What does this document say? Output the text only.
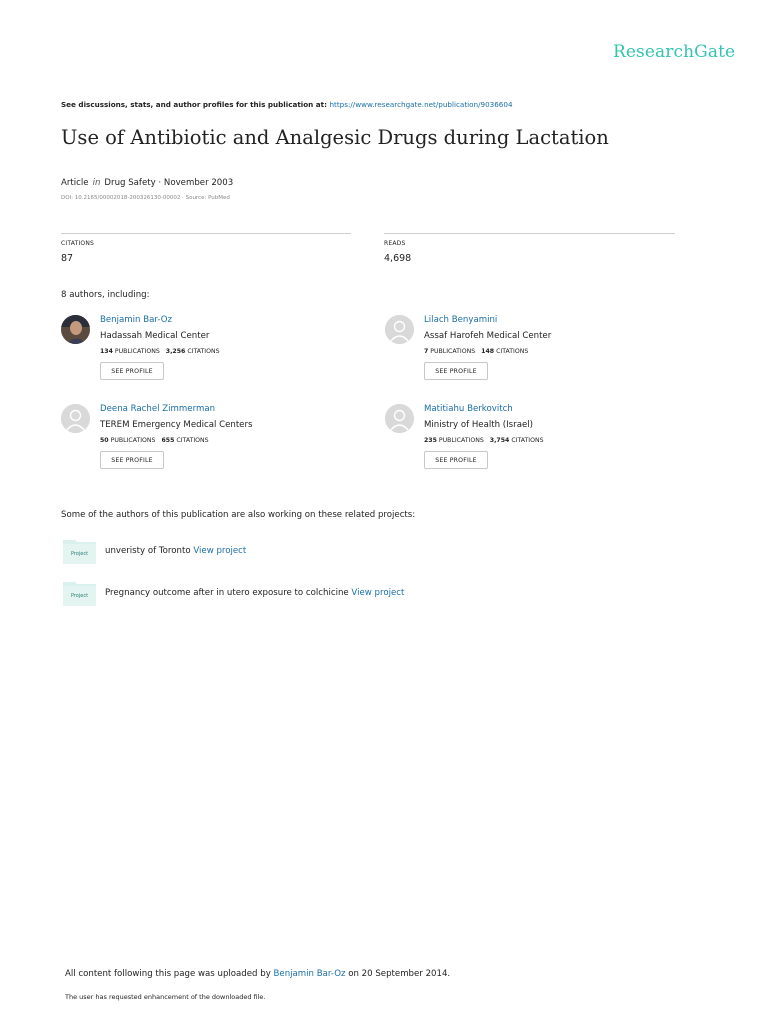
ResearchGate
See discussions, stats, and author profiles for this publication at: https://www.researchgate.net/publication/9036604
Use of Antibiotic and Analgesic Drugs during Lactation
Article in Drug Safety · November 2003
DOI: 10.2165/00002018-200326130-00002 · Source: PubMed
CITATIONS
87
READS
4,698
8 authors, including:
Benjamin Bar-Oz
Hadassah Medical Center
134 PUBLICATIONS 3,256 CITATIONS
SEE PROFILE
Lilach Benyamini
Assaf Harofeh Medical Center
7 PUBLICATIONS 148 CITATIONS
SEE PROFILE
Deena Rachel Zimmerman
TEREM Emergency Medical Centers
50 PUBLICATIONS 655 CITATIONS
SEE PROFILE
Matitiahu Berkovitch
Ministry of Health (Israel)
235 PUBLICATIONS 3,754 CITATIONS
SEE PROFILE
Some of the authors of this publication are also working on these related projects:
Project unveristy of Toronto View project
Project Pregnancy outcome after in utero exposure to colchicine View project
All content following this page was uploaded by Benjamin Bar-Oz on 20 September 2014.
The user has requested enhancement of the downloaded file.
